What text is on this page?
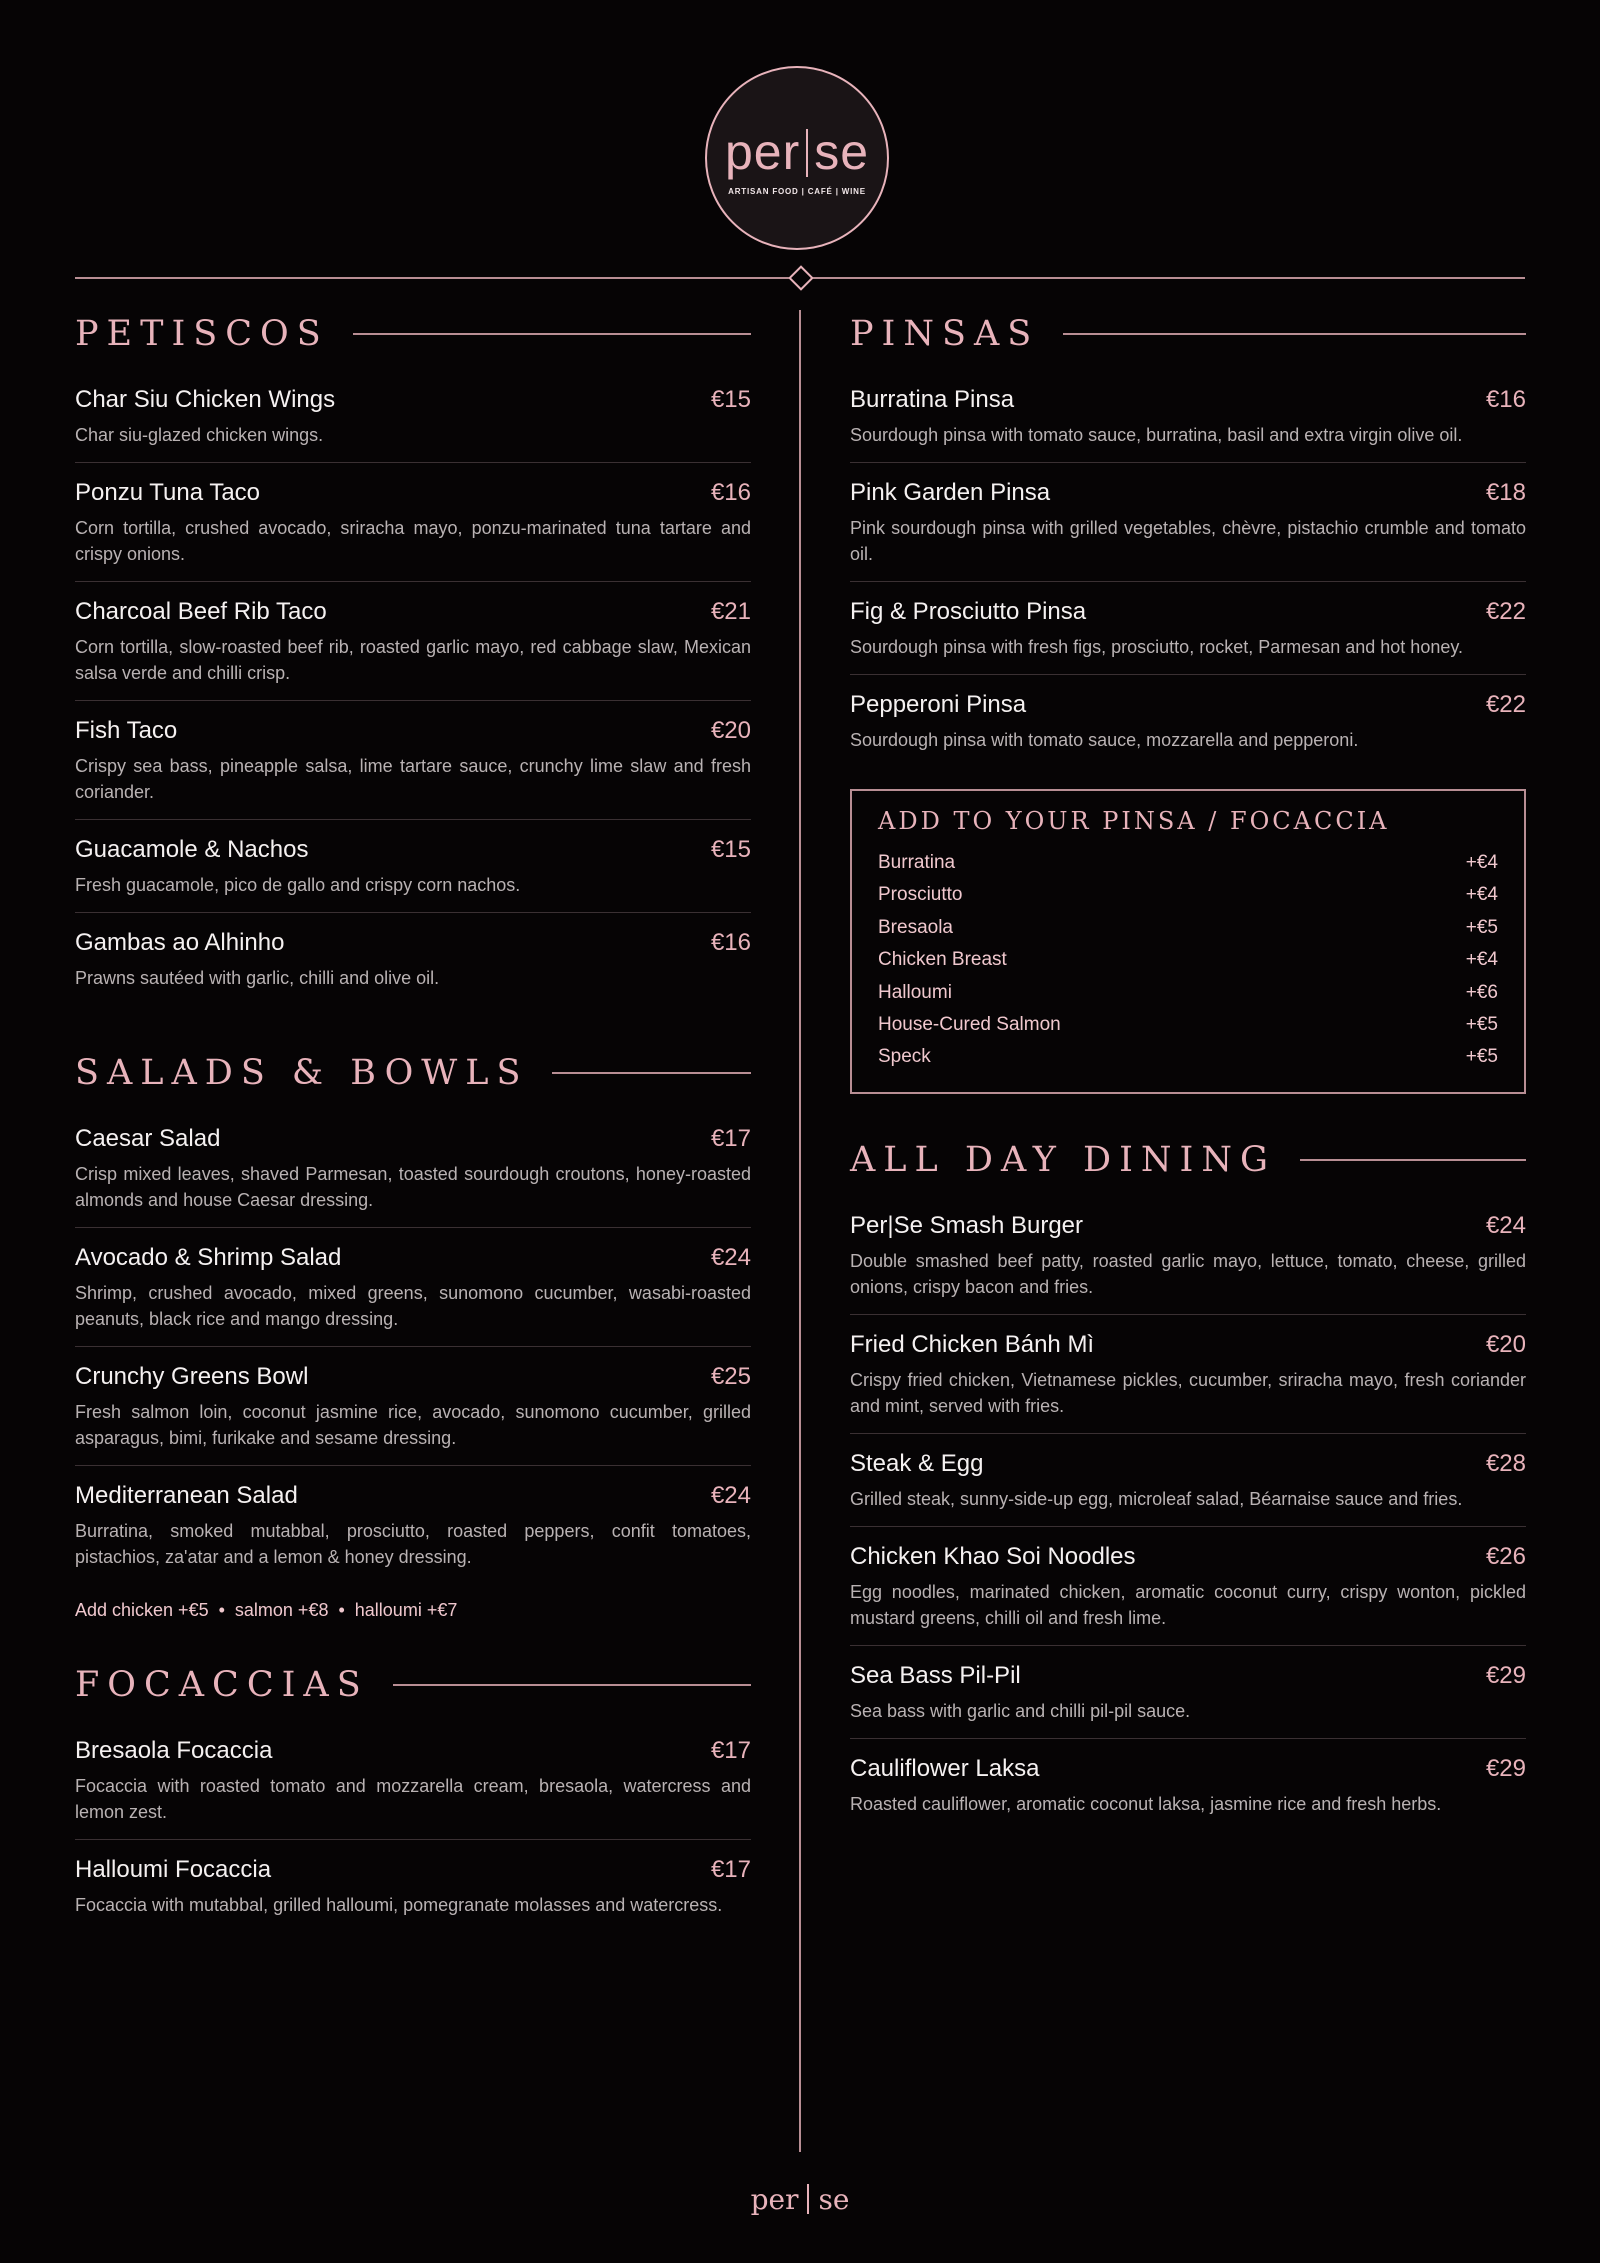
per se
ARTISAN FOOD | CAFÉ | WINE
PETISCOS
Char Siu Chicken Wings	€15
Char siu-glazed chicken wings.
Ponzu Tuna Taco	€16
Corn tortilla, crushed avocado, sriracha mayo, ponzu-marinated tuna tartare and crispy onions.
Charcoal Beef Rib Taco	€21
Corn tortilla, slow-roasted beef rib, roasted garlic mayo, red cabbage slaw, Mexican salsa verde and chilli crisp.
Fish Taco	€20
Crispy sea bass, pineapple salsa, lime tartare sauce, crunchy lime slaw and fresh coriander.
Guacamole & Nachos	€15
Fresh guacamole, pico de gallo and crispy corn nachos.
Gambas ao Alhinho	€16
Prawns sautéed with garlic, chilli and olive oil.
SALADS & BOWLS
Caesar Salad	€17
Crisp mixed leaves, shaved Parmesan, toasted sourdough croutons, honey-roasted almonds and house Caesar dressing.
Avocado & Shrimp Salad	€24
Shrimp, crushed avocado, mixed greens, sunomono cucumber, wasabi-roasted peanuts, black rice and mango dressing.
Crunchy Greens Bowl	€25
Fresh salmon loin, coconut jasmine rice, avocado, sunomono cucumber, grilled asparagus, bimi, furikake and sesame dressing.
Mediterranean Salad	€24
Burratina, smoked mutabbal, prosciutto, roasted peppers, confit tomatoes, pistachios, za'atar and a lemon & honey dressing.
Add chicken +€5 • salmon +€8 • halloumi +€7
FOCACCIAS
Bresaola Focaccia	€17
Focaccia with roasted tomato and mozzarella cream, bresaola, watercress and lemon zest.
Halloumi Focaccia	€17
Focaccia with mutabbal, grilled halloumi, pomegranate molasses and watercress.
PINSAS
Burratina Pinsa	€16
Sourdough pinsa with tomato sauce, burratina, basil and extra virgin olive oil.
Pink Garden Pinsa	€18
Pink sourdough pinsa with grilled vegetables, chèvre, pistachio crumble and tomato oil.
Fig & Prosciutto Pinsa	€22
Sourdough pinsa with fresh figs, prosciutto, rocket, Parmesan and hot honey.
Pepperoni Pinsa	€22
Sourdough pinsa with tomato sauce, mozzarella and pepperoni.
ADD TO YOUR PINSA / FOCACCIA
Burratina	+€4
Prosciutto	+€4
Bresaola	+€5
Chicken Breast	+€4
Halloumi	+€6
House-Cured Salmon	+€5
Speck	+€5
ALL DAY DINING
Per|Se Smash Burger	€24
Double smashed beef patty, roasted garlic mayo, lettuce, tomato, cheese, grilled onions, crispy bacon and fries.
Fried Chicken Bánh Mì	€20
Crispy fried chicken, Vietnamese pickles, cucumber, sriracha mayo, fresh coriander and mint, served with fries.
Steak & Egg	€28
Grilled steak, sunny-side-up egg, microleaf salad, Béarnaise sauce and fries.
Chicken Khao Soi Noodles	€26
Egg noodles, marinated chicken, aromatic coconut curry, crispy wonton, pickled mustard greens, chilli oil and fresh lime.
Sea Bass Pil-Pil	€29
Sea bass with garlic and chilli pil-pil sauce.
Cauliflower Laksa	€29
Roasted cauliflower, aromatic coconut laksa, jasmine rice and fresh herbs.
per se
